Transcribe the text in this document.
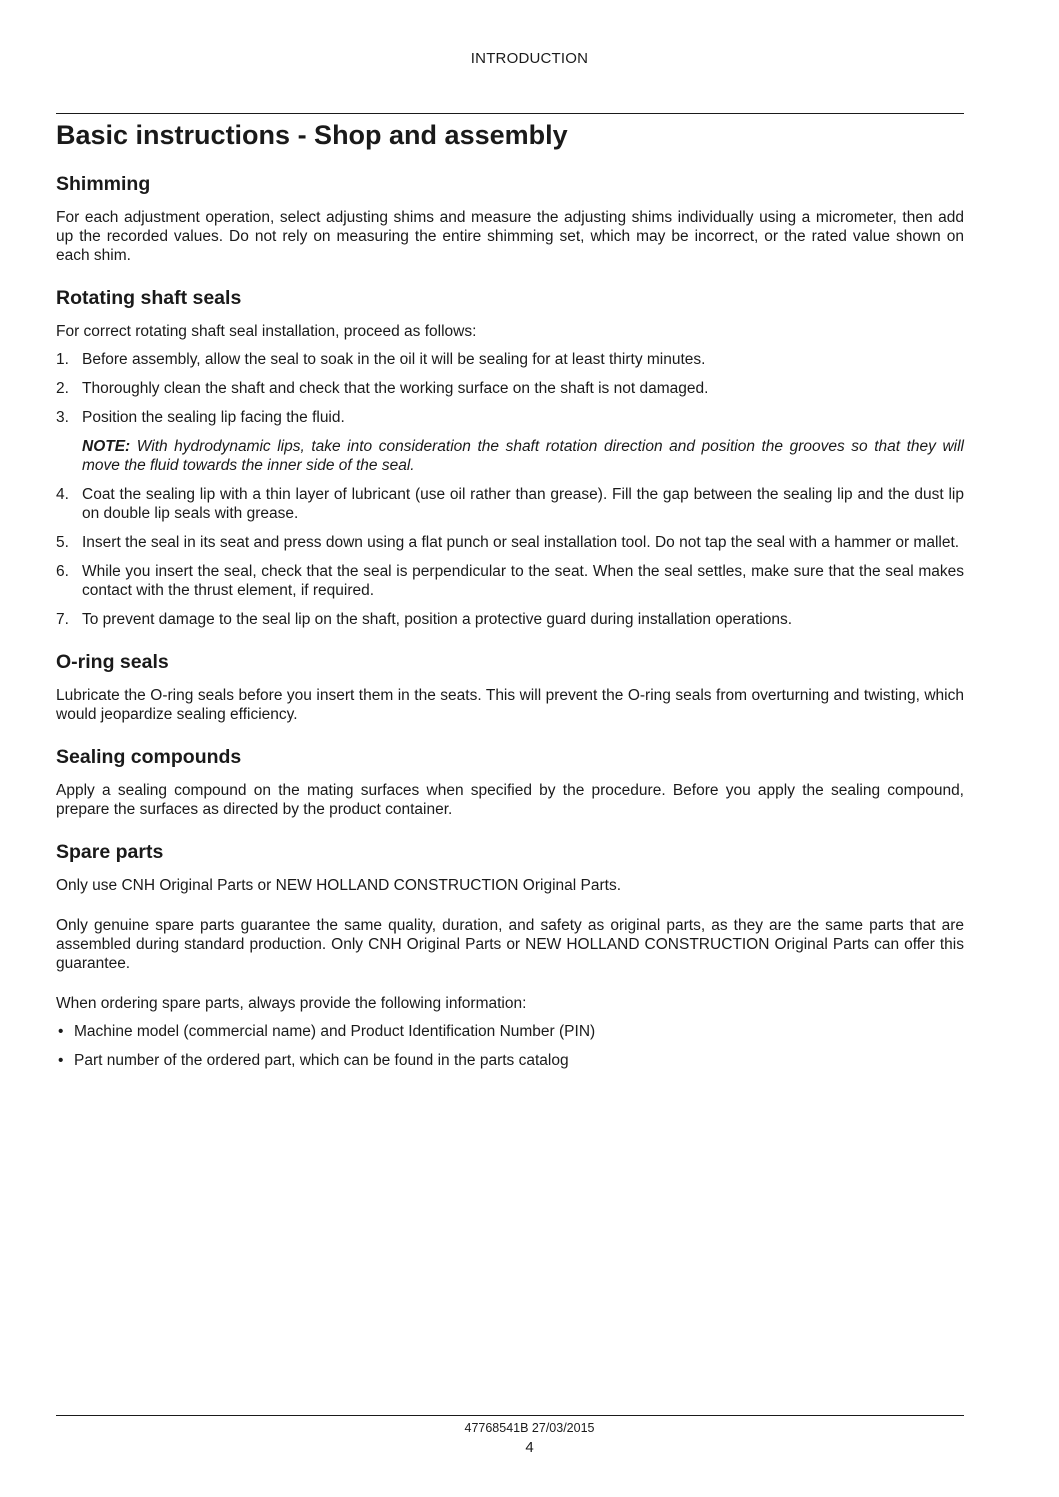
INTRODUCTION
Basic instructions - Shop and assembly
Shimming

For each adjustment operation, select adjusting shims and measure the adjusting shims individually using a micrometer, then add up the recorded values. Do not rely on measuring the entire shimming set, which may be incorrect, or the rated value shown on each shim.

Rotating shaft seals

For correct rotating shaft seal installation, proceed as follows:

1. Before assembly, allow the seal to soak in the oil it will be sealing for at least thirty minutes.
2. Thoroughly clean the shaft and check that the working surface on the shaft is not damaged.
3. Position the sealing lip facing the fluid.
NOTE: With hydrodynamic lips, take into consideration the shaft rotation direction and position the grooves so that they will move the fluid towards the inner side of the seal.
4. Coat the sealing lip with a thin layer of lubricant (use oil rather than grease). Fill the gap between the sealing lip and the dust lip on double lip seals with grease.
5. Insert the seal in its seat and press down using a flat punch or seal installation tool. Do not tap the seal with a hammer or mallet.
6. While you insert the seal, check that the seal is perpendicular to the seat. When the seal settles, make sure that the seal makes contact with the thrust element, if required.
7. To prevent damage to the seal lip on the shaft, position a protective guard during installation operations.
O-ring seals

Lubricate the O-ring seals before you insert them in the seats. This will prevent the O-ring seals from overturning and twisting, which would jeopardize sealing efficiency.

Sealing compounds

Apply a sealing compound on the mating surfaces when specified by the procedure. Before you apply the sealing compound, prepare the surfaces as directed by the product container.

Spare parts

Only use CNH Original Parts or NEW HOLLAND CONSTRUCTION Original Parts.

Only genuine spare parts guarantee the same quality, duration, and safety as original parts, as they are the same parts that are assembled during standard production. Only CNH Original Parts or NEW HOLLAND CONSTRUCTION Original Parts can offer this guarantee.

When ordering spare parts, always provide the following information:

• Machine model (commercial name) and Product Identification Number (PIN)
• Part number of the ordered part, which can be found in the parts catalog
47768541B 27/03/2015
4
